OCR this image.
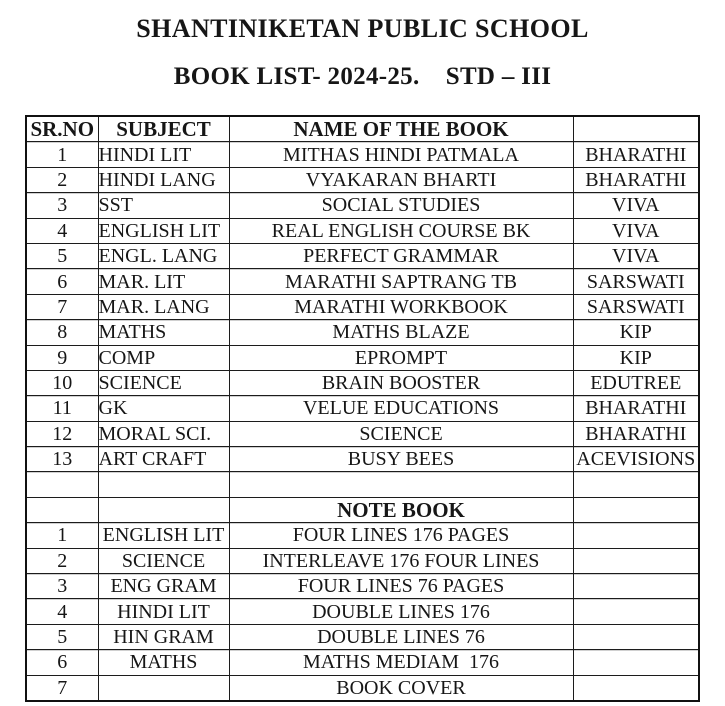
SHANTINIKETAN PUBLIC SCHOOL
BOOK LIST- 2024-25.    STD – III
SR.NO	SUBJECT	NAME OF THE BOOK	
1	HINDI LIT	MITHAS HINDI PATMALA	BHARATHI
2	HINDI LANG	VYAKARAN BHARTI	BHARATHI
3	SST	SOCIAL STUDIES	VIVA
4	ENGLISH LIT	REAL ENGLISH COURSE BK	VIVA
5	ENGL. LANG	PERFECT GRAMMAR	VIVA
6	MAR. LIT	MARATHI SAPTRANG TB	SARSWATI
7	MAR. LANG	MARATHI WORKBOOK	SARSWATI
8	MATHS	MATHS BLAZE	KIP
9	COMP	EPROMPT	KIP
10	SCIENCE	BRAIN BOOSTER	EDUTREE
11	GK	VELUE EDUCATIONS	BHARATHI
12	MORAL SCI.	SCIENCE	BHARATHI
13	ART CRAFT	BUSY BEES	ACEVISIONS

		NOTE BOOK	
1	ENGLISH LIT	FOUR LINES 176 PAGES	
2	SCIENCE	INTERLEAVE 176 FOUR LINES	
3	ENG GRAM	FOUR LINES 76 PAGES	
4	HINDI LIT	DOUBLE LINES 176	
5	HIN GRAM	DOUBLE LINES 76	
6	MATHS	MATHS MEDIAM  176	
7		BOOK COVER	
